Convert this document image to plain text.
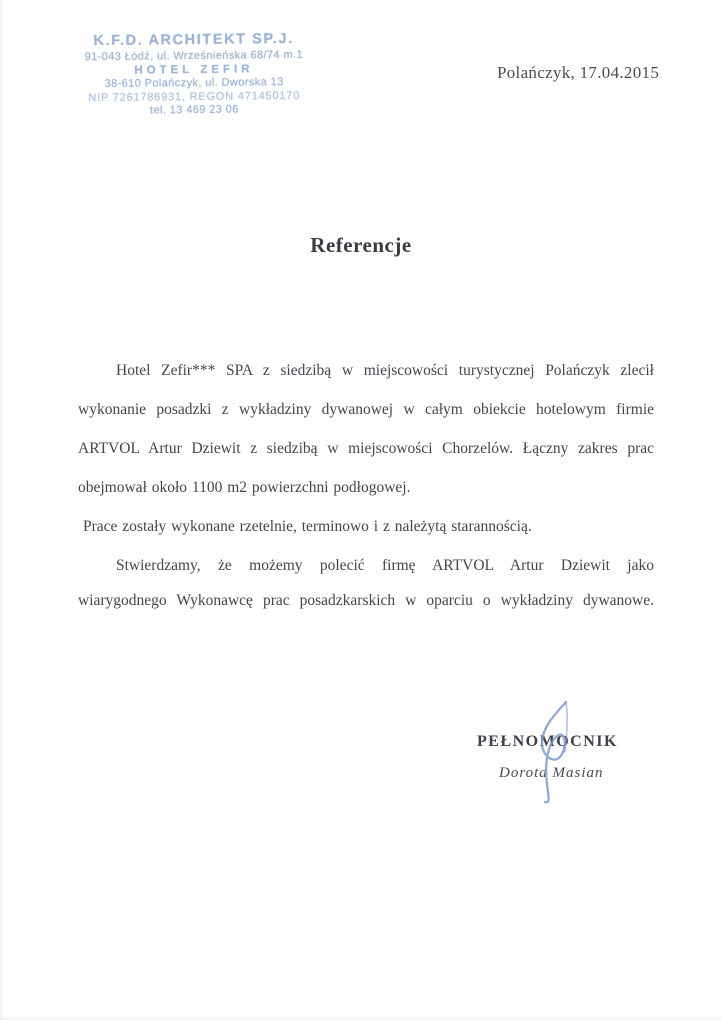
K.F.D. ARCHITEKT SP.J.
91-043 Łódź, ul. Wrześnieńska 68/74 m.1
HOTEL ZEFIR
38-610 Polańczyk, ul. Dworska 13
NIP 7261786931, REGON 471450170
tel. 13 469 23 06
Polańczyk, 17.04.2015
Referencje
Hotel Zefir*** SPA z siedzibą w miejscowości turystycznej Polańczyk zlecił
wykonanie posadzki z wykładziny dywanowej w całym obiekcie hotelowym firmie
ARTVOL Artur Dziewit z siedzibą w miejscowości Chorzelów. Łączny zakres prac
obejmował około 1100 m2 powierzchni podłogowej.
Prace zostały wykonane rzetelnie, terminowo i z należytą starannością.
Stwierdzamy, że możemy polecić firmę ARTVOL Artur Dziewit jako
wiarygodnego Wykonawcę prac posadzkarskich w oparciu o wykładziny dywanowe.
PEŁNOMOCNIK
Dorota Masian
